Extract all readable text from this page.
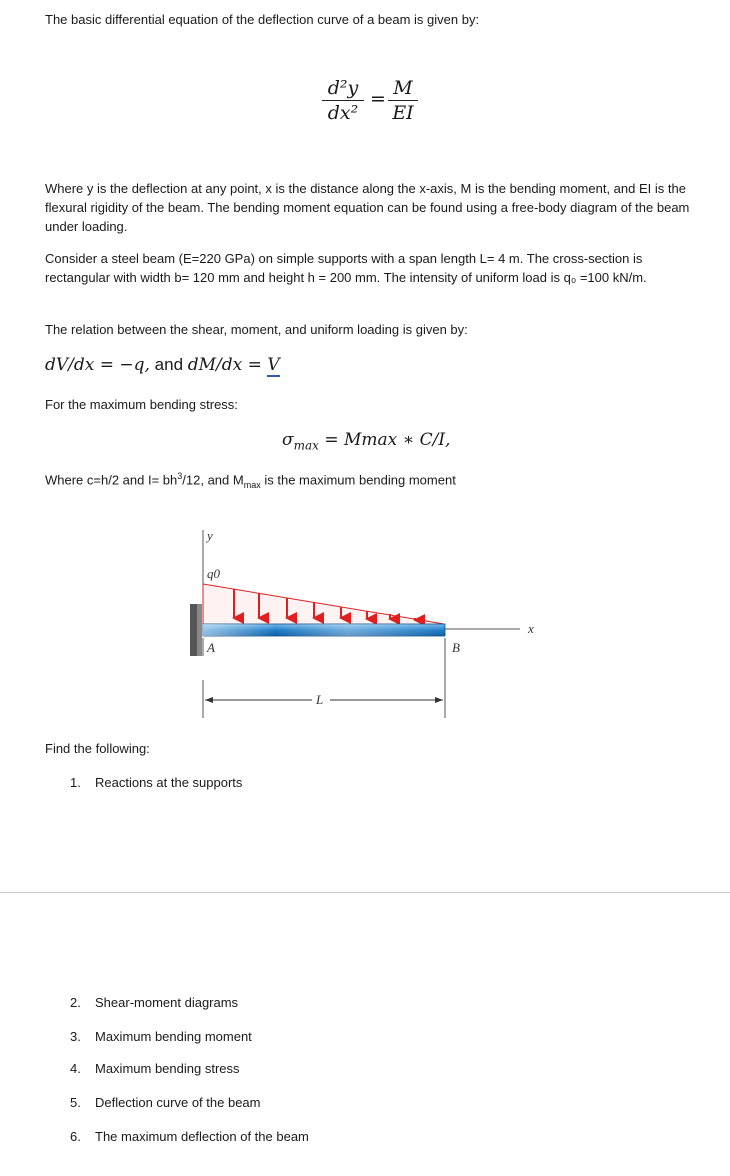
The basic differential equation of the deflection curve of a beam is given by:

d²y
dx²
= M
EI

Where y is the deflection at any point, x is the distance along the x-axis, M is the bending moment, and EI is the flexural rigidity of the beam. The bending moment equation can be found using a free-body diagram of the beam under loading.

Consider a steel beam (E=220 GPa) on simple supports with a span length L= 4 m. The cross-section is rectangular with width b= 120 mm and height h = 200 mm. The intensity of uniform load is q₀ =100 kN/m.

The relation between the shear, moment, and uniform loading is given by:

dV/dx = −q, and dM/dx = V

For the maximum bending stress:

$\sigma_{max} = Mmax$ ∗ C/I,

Where c=h/2 and $I= bh^3/12$, and $M_{max}$ is the maximum bending moment

y
q0
x
A	B
L

Find the following:

1. Reactions at the supports
2. Shear-moment diagrams
3. Maximum bending moment
4. Maximum bending stress
5. Deflection curve of the beam
6. The maximum deflection of the beam
